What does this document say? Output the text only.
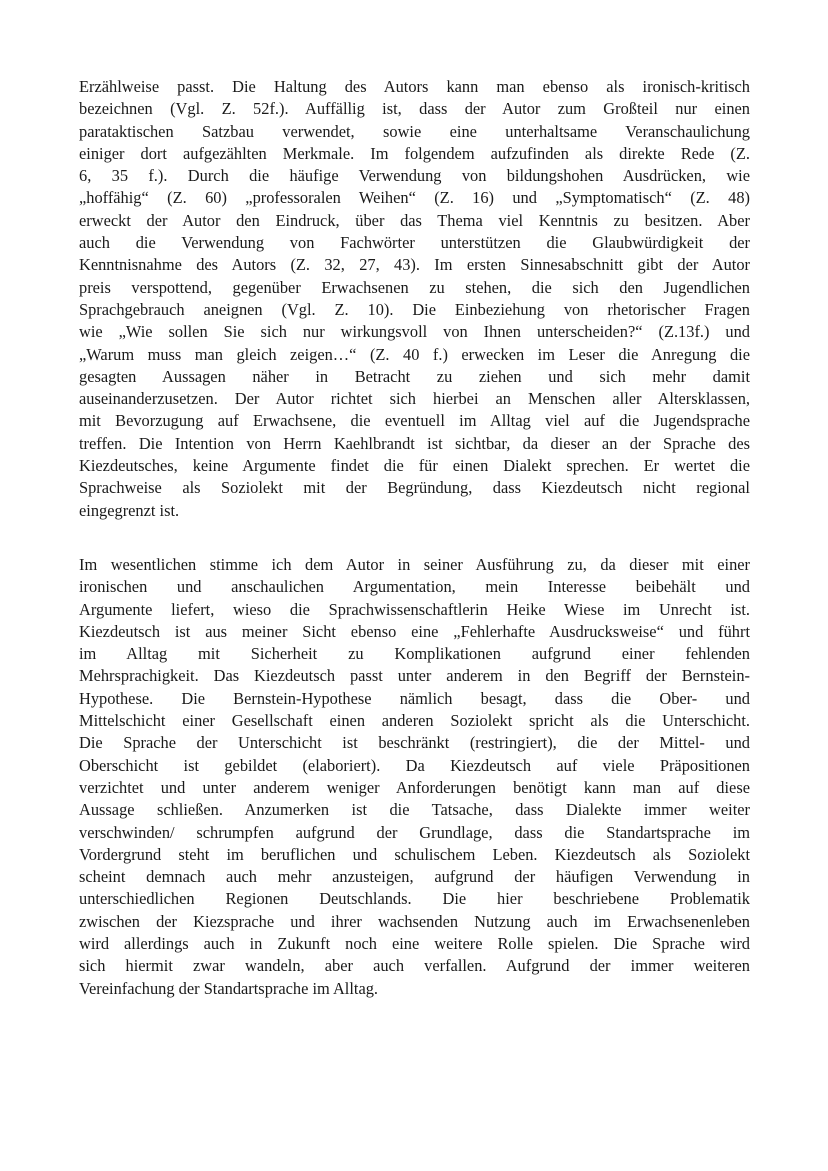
Erzählweise passt. Die Haltung des Autors kann man ebenso als ironisch-kritisch
bezeichnen (Vgl. Z. 52f.). Auffällig ist, dass der Autor zum Großteil nur einen
parataktischen Satzbau verwendet, sowie eine unterhaltsame Veranschaulichung
einiger dort aufgezählten Merkmale. Im folgendem aufzufinden als direkte Rede (Z.
6, 35 f.). Durch die häufige Verwendung von bildungshohen Ausdrücken, wie
„hoffähig“ (Z. 60) „professoralen Weihen“ (Z. 16) und „Symptomatisch“ (Z. 48)
erweckt der Autor den Eindruck, über das Thema viel Kenntnis zu besitzen. Aber
auch die Verwendung von Fachwörter unterstützen die Glaubwürdigkeit der
Kenntnisnahme des Autors (Z. 32, 27, 43). Im ersten Sinnesabschnitt gibt der Autor
preis verspottend, gegenüber Erwachsenen zu stehen, die sich den Jugendlichen
Sprachgebrauch aneignen (Vgl. Z. 10). Die Einbeziehung von rhetorischer Fragen
wie „Wie sollen Sie sich nur wirkungsvoll von Ihnen unterscheiden?“ (Z.13f.) und
„Warum muss man gleich zeigen…“ (Z. 40 f.) erwecken im Leser die Anregung die
gesagten Aussagen näher in Betracht zu ziehen und sich mehr damit
auseinanderzusetzen. Der Autor richtet sich hierbei an Menschen aller Altersklassen,
mit Bevorzugung auf Erwachsene, die eventuell im Alltag viel auf die Jugendsprache
treffen. Die Intention von Herrn Kaehlbrandt ist sichtbar, da dieser an der Sprache des
Kiezdeutsches, keine Argumente findet die für einen Dialekt sprechen. Er wertet die
Sprachweise als Soziolekt mit der Begründung, dass Kiezdeutsch nicht regional
eingegrenzt ist.
Im wesentlichen stimme ich dem Autor in seiner Ausführung zu, da dieser mit einer
ironischen und anschaulichen Argumentation, mein Interesse beibehält und
Argumente liefert, wieso die Sprachwissenschaftlerin Heike Wiese im Unrecht ist.
Kiezdeutsch ist aus meiner Sicht ebenso eine „Fehlerhafte Ausdrucksweise“ und führt
im Alltag mit Sicherheit zu Komplikationen aufgrund einer fehlenden
Mehrsprachigkeit. Das Kiezdeutsch passt unter anderem in den Begriff der Bernstein-
Hypothese. Die Bernstein-Hypothese nämlich besagt, dass die Ober- und
Mittelschicht einer Gesellschaft einen anderen Soziolekt spricht als die Unterschicht.
Die Sprache der Unterschicht ist beschränkt (restringiert), die der Mittel- und
Oberschicht ist gebildet (elaboriert). Da Kiezdeutsch auf viele Präpositionen
verzichtet und unter anderem weniger Anforderungen benötigt kann man auf diese
Aussage schließen. Anzumerken ist die Tatsache, dass Dialekte immer weiter
verschwinden/ schrumpfen aufgrund der Grundlage, dass die Standartsprache im
Vordergrund steht im beruflichen und schulischem Leben. Kiezdeutsch als Soziolekt
scheint demnach auch mehr anzusteigen, aufgrund der häufigen Verwendung in
unterschiedlichen Regionen Deutschlands. Die hier beschriebene Problematik
zwischen der Kiezsprache und ihrer wachsenden Nutzung auch im Erwachsenenleben
wird allerdings auch in Zukunft noch eine weitere Rolle spielen. Die Sprache wird
sich hiermit zwar wandeln, aber auch verfallen. Aufgrund der immer weiteren
Vereinfachung der Standartsprache im Alltag.
